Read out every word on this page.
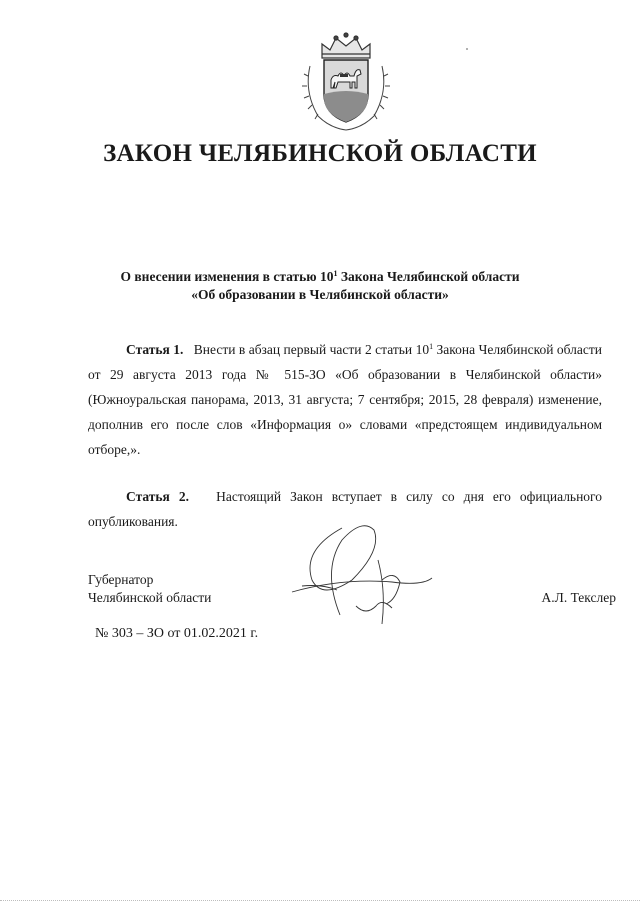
ЗАКОН ЧЕЛЯБИНСКОЙ ОБЛАСТИ
О внесении изменения в статью $10^1$ Закона Челябинской области
«Об образовании в Челябинской области»

Статья 1. Внести в абзац первый части 2 статьи $10^1$ Закона Челябинской области от 29 августа 2013 года № 515-ЗО «Об образовании в Челябинской области» (Южноуральская панорама, 2013, 31 августа; 7 сентября; 2015, 28 февраля) изменение, дополнив его после слов «Информация о» словами «предстоящем индивидуальном отборе,».

Статья 2. Настоящий Закон вступает в силу со дня его официального опубликования.

Губернатор
Челябинской области	А.Л. Текслер
№ 303 – ЗО от 01.02.2021 г.
